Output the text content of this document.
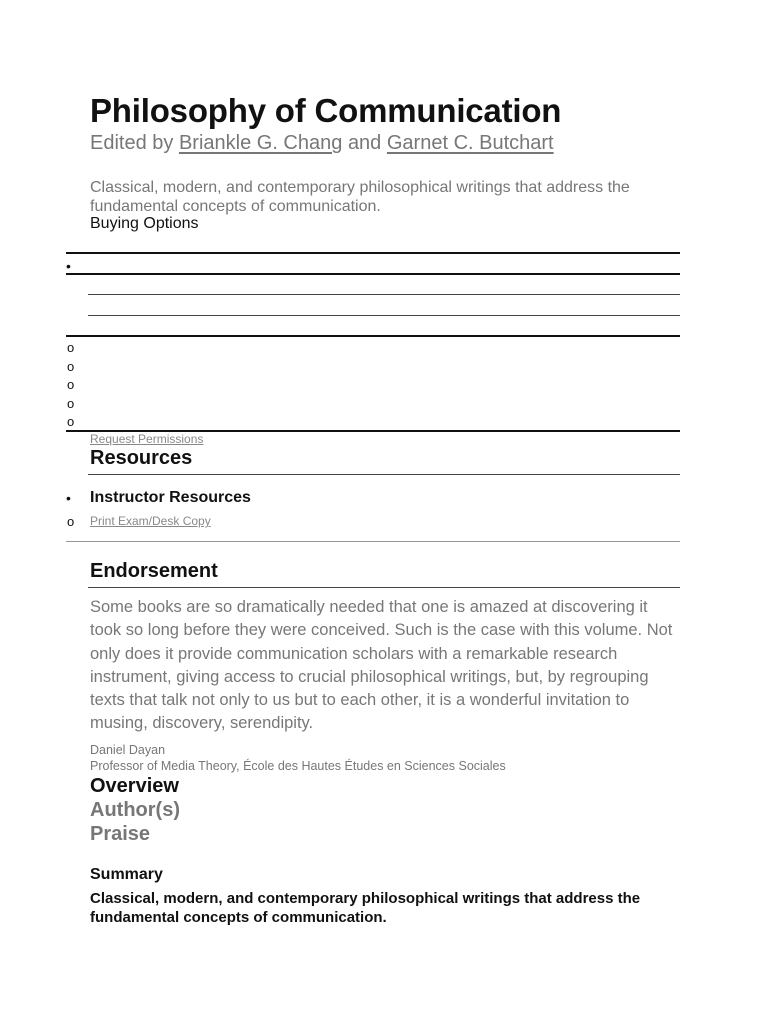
Philosophy of Communication
Edited by Briankle G. Chang and Garnet C. Butchart
Classical, modern, and contemporary philosophical writings that address the fundamental concepts of communication.
Buying Options
•
o
o
o
o
o
Request Permissions
Resources
• Instructor Resources
o Print Exam/Desk Copy
Endorsement
Some books are so dramatically needed that one is amazed at discovering it took so long before they were conceived. Such is the case with this volume. Not only does it provide communication scholars with a remarkable research instrument, giving access to crucial philosophical writings, but, by regrouping texts that talk not only to us but to each other, it is a wonderful invitation to musing, discovery, serendipity.
Daniel Dayan
Professor of Media Theory, École des Hautes Études en Sciences Sociales
Overview
Author(s)
Praise
Summary
Classical, modern, and contemporary philosophical writings that address the fundamental concepts of communication.
